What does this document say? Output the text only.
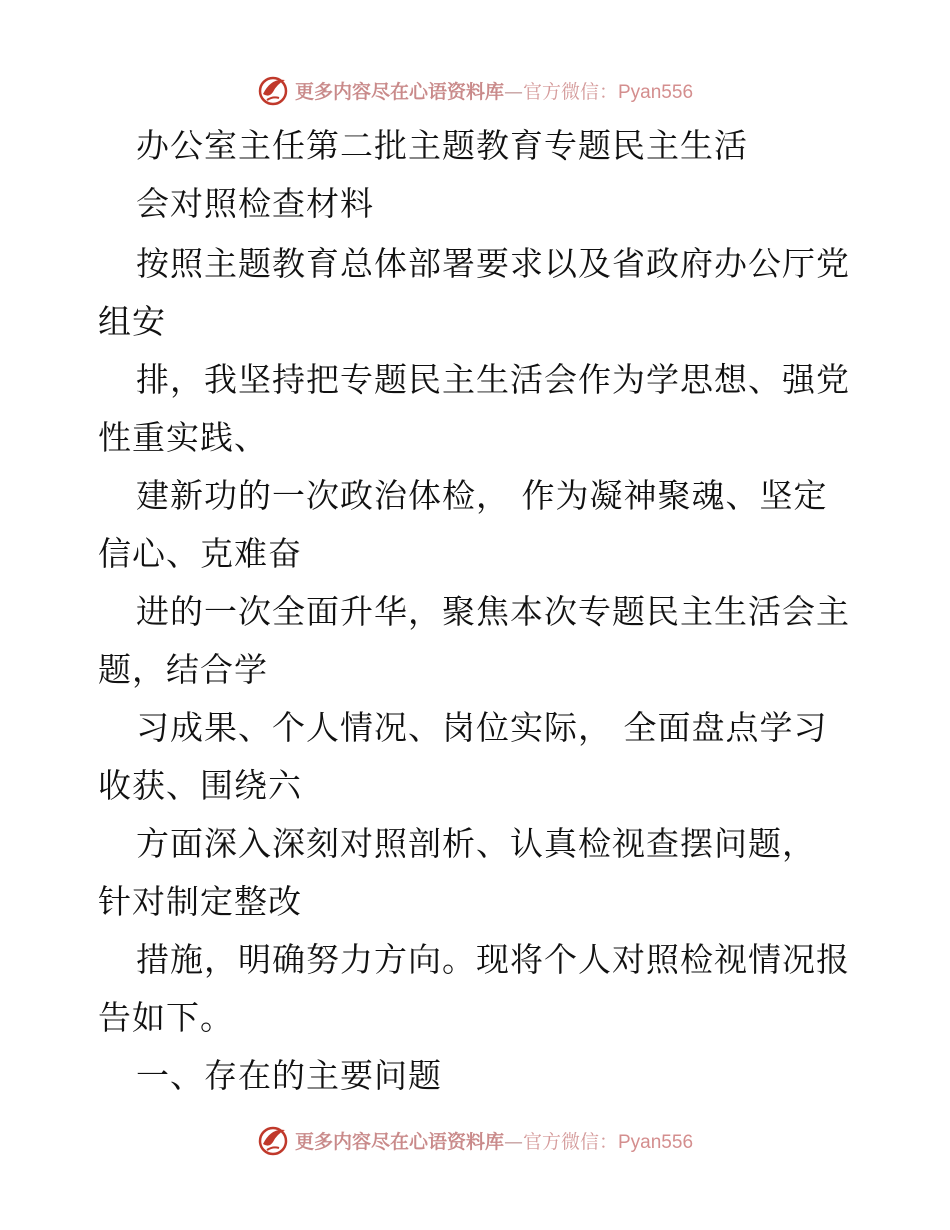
更多内容尽在心语资料库—官方微信：Pyan556
办公室主任第二批主题教育专题民主生活
会对照检查材料
按照主题教育总体部署要求以及省政府办公厅党
组安
排，我坚持把专题民主生活会作为学思想、强党
性重实践、
建新功的一次政治体检， 作为凝神聚魂、坚定
信心、克难奋
进的一次全面升华，聚焦本次专题民主生活会主
题，结合学
习成果、个人情况、岗位实际， 全面盘点学习
收获、围绕六
方面深入深刻对照剖析、认真检视查摆问题，
针对制定整改
措施，明确努力方向。现将个人对照检视情况报
告如下。
一、存在的主要问题
更多内容尽在心语资料库—官方微信：Pyan556
